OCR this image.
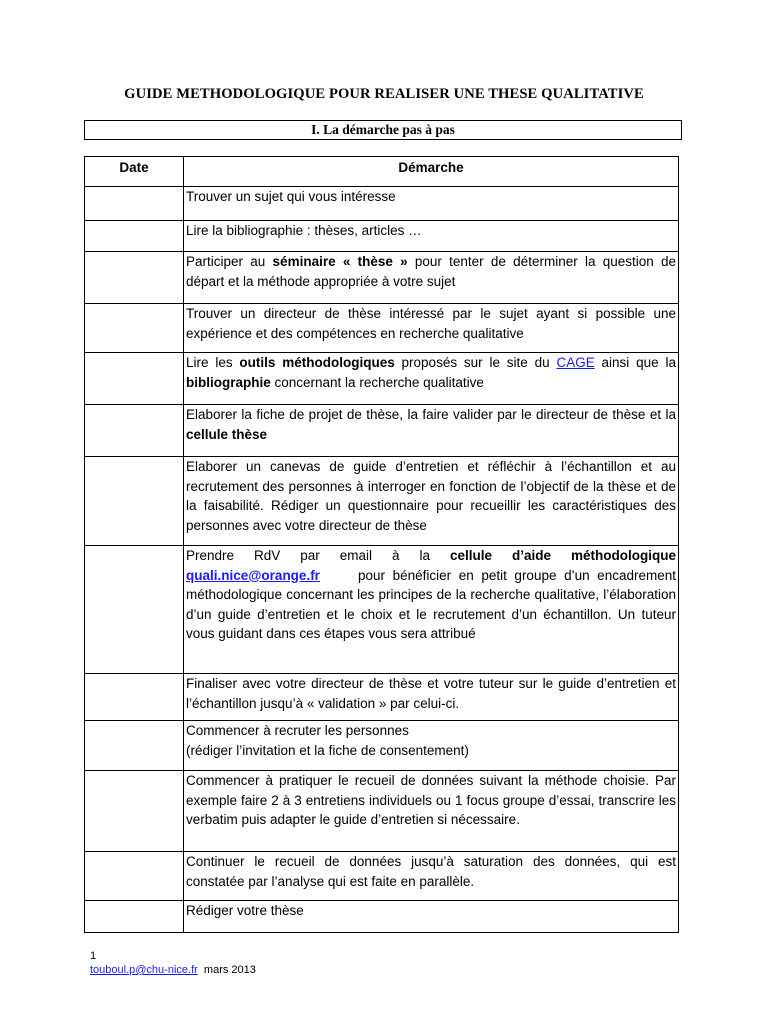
GUIDE METHODOLOGIQUE POUR REALISER UNE THESE QUALITATIVE
I. La démarche pas à pas
Date	Démarche
	Trouver un sujet qui vous intéresse
	Lire la bibliographie : thèses, articles …
	Participer au séminaire « thèse » pour tenter de déterminer la question de départ et la méthode appropriée à votre sujet
	Trouver un directeur de thèse intéressé par le sujet ayant si possible une expérience et des compétences en recherche qualitative
	Lire les outils méthodologiques proposés sur le site du CAGE ainsi que la bibliographie concernant la recherche qualitative
	Elaborer la fiche de projet de thèse, la faire valider par le directeur de thèse et la cellule thèse
	Elaborer un canevas de guide d’entretien et réfléchir à l’échantillon et au recrutement des personnes à interroger en fonction de l’objectif de la thèse et de la faisabilité. Rédiger un questionnaire pour recueillir les caractéristiques des personnes avec votre directeur de thèse
	Prendre RdV par email à la cellule d’aide méthodologique quali.nice@orange.fr     pour bénéficier en petit groupe d’un encadrement méthodologique concernant les principes de la recherche qualitative, l’élaboration d’un guide d’entretien et le choix et le recrutement d’un échantillon. Un tuteur vous guidant dans ces étapes vous sera attribué
	Finaliser avec votre directeur de thèse et votre tuteur sur le guide d’entretien et l’échantillon jusqu’à « validation » par celui-ci.

	Commencer à recruter les personnes
(rédiger l’invitation et la fiche de consentement)

	Commencer à pratiquer le recueil de données suivant la méthode choisie. Par exemple faire 2 à 3 entretiens individuels ou 1 focus groupe d’essai, transcrire les verbatim puis adapter le guide d’entretien si nécessaire.
	Continuer le recueil de données jusqu’à saturation des données, qui est constatée par l’analyse qui est faite en parallèle.
	Rédiger votre thèse
1
touboul.p@chu-nice.fr mars 2013
